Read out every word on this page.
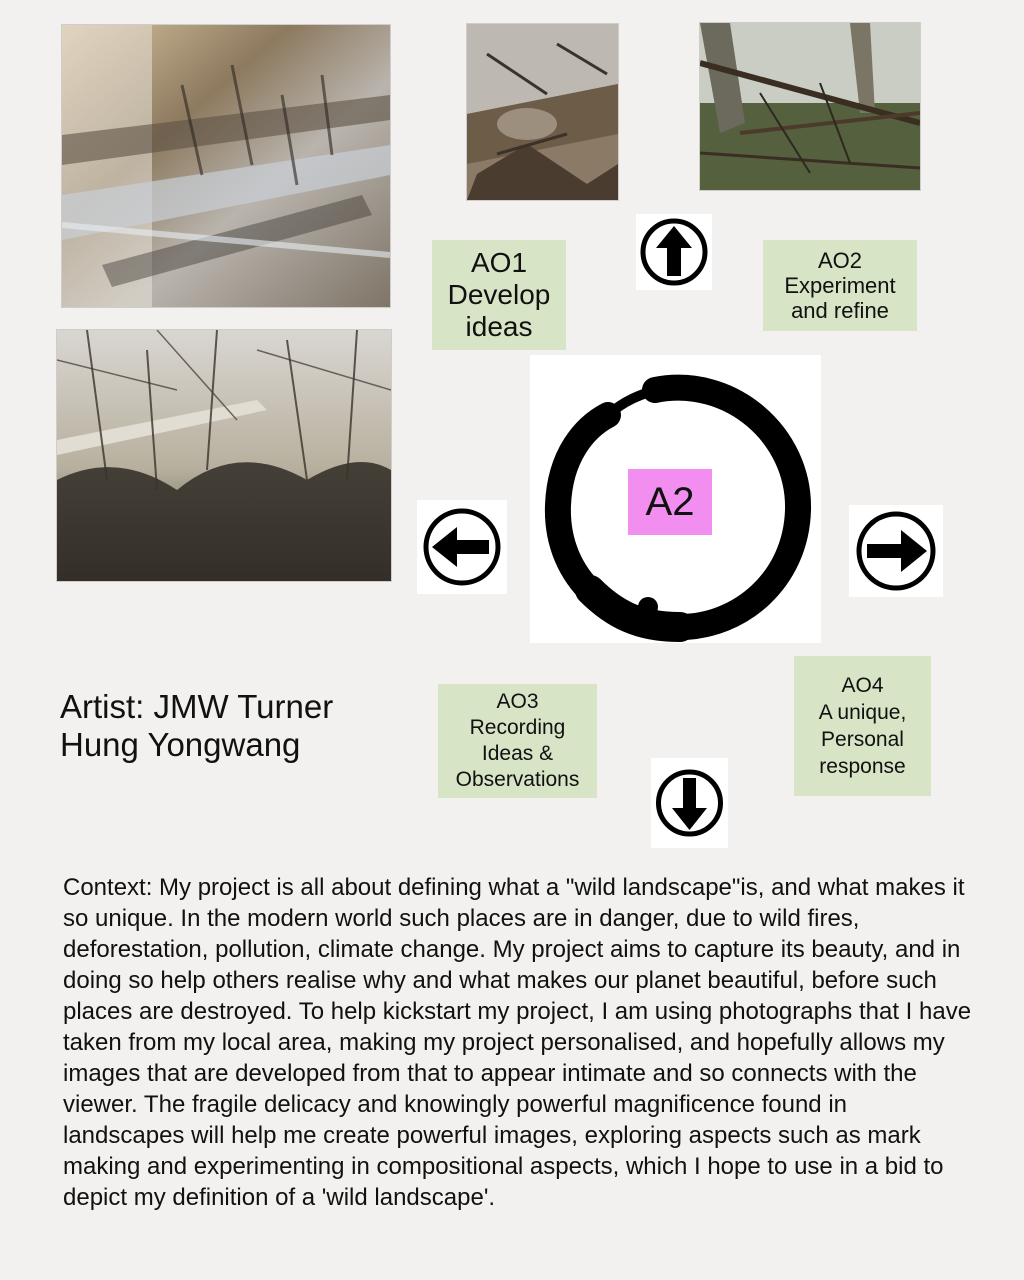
AO1
Develop
ideas
AO2
Experiment
and refine
A2
Artist: JMW Turner
Hung Yongwang
AO3
Recording
Ideas &
Observations
AO4
A unique,
Personal
response
Context: My project is all about defining what a "wild landscape"is, and what makes it so unique. In the modern world such places are in danger, due to wild fires, deforestation, pollution, climate change. My project aims to capture its beauty, and in doing so help others realise why and what makes our planet beautiful, before such places are destroyed. To help kickstart my project, I am using photographs that I have taken from my local area, making my project personalised, and hopefully allows my images that are developed from that to appear intimate and so connects with the viewer. The fragile delicacy and knowingly powerful magnificence found in landscapes will help me create powerful images, exploring aspects such as mark making and experimenting in compositional aspects, which I hope to use in a bid to depict my definition of a 'wild landscape'.
